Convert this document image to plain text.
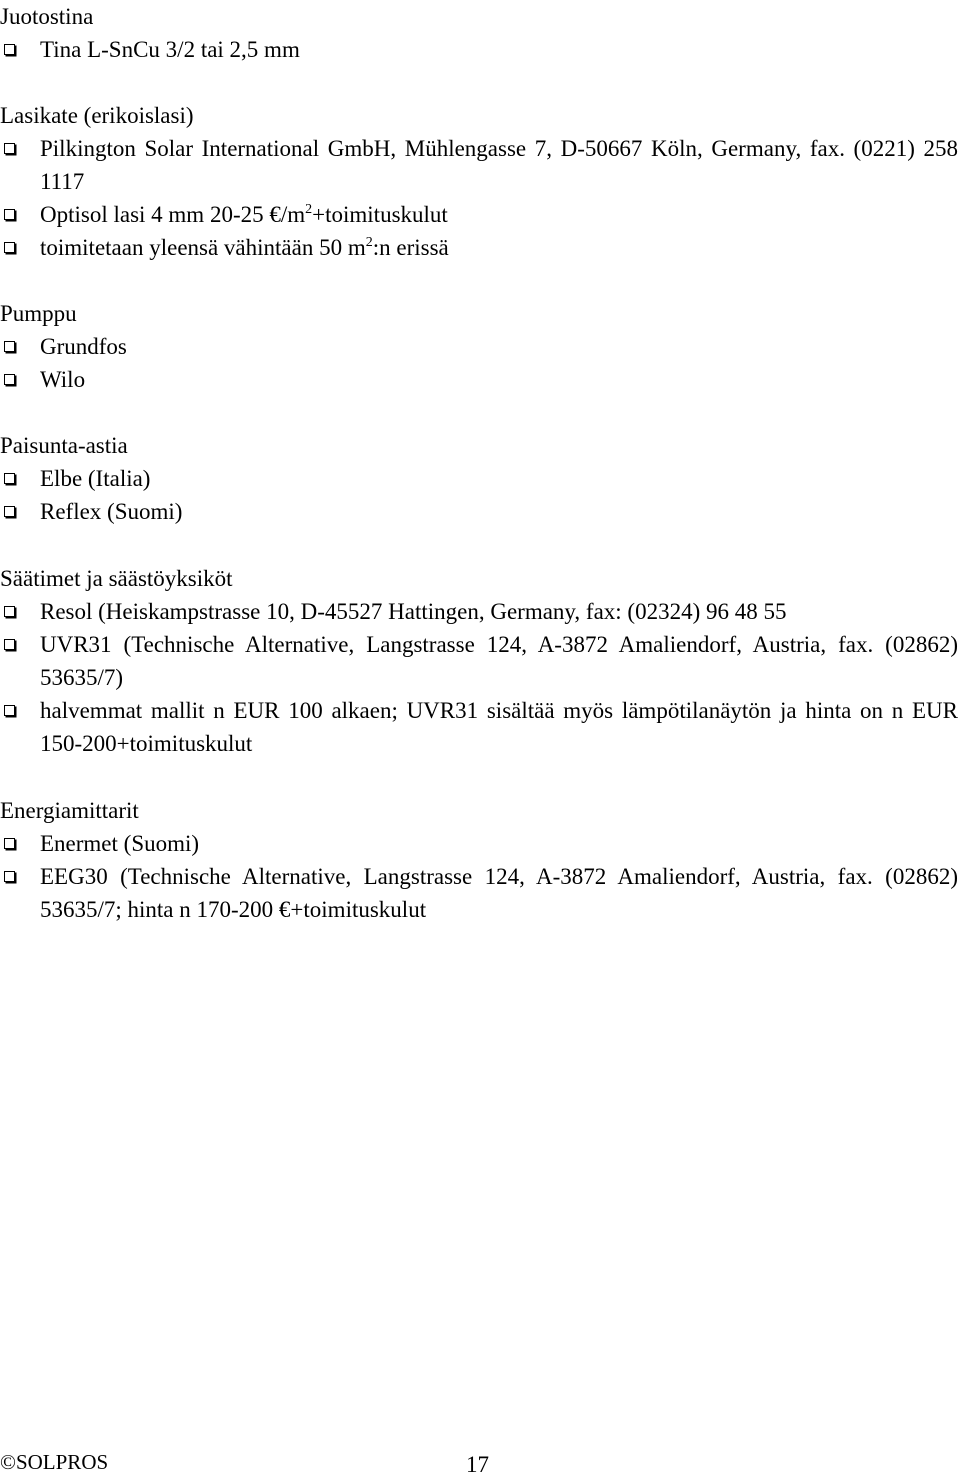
Juotostina
Tina L-SnCu 3/2 tai 2,5 mm
Lasikate (erikoislasi)
Pilkington Solar International GmbH, Mühlengasse 7, D-50667 Köln, Germany, fax. (0221) 258 1117
Optisol lasi 4 mm 20-25 $€/m^2+toimituskulut$
toimitetaan yleensä vähintään 50 $m^2:n$ erissä
Pumppu
Grundfos
Wilo
Paisunta-astia
Elbe (Italia)
Reflex (Suomi)
Säätimet ja säästöyksiköt
Resol (Heiskampstrasse 10, D-45527 Hattingen, Germany, fax: (02324) 96 48 55
UVR31 (Technische Alternative, Langstrasse 124, A-3872 Amaliendorf, Austria, fax. (02862) 53635/7)
halvemmat mallit n EUR 100 alkaen; UVR31 sisältää myös lämpötilanäytön ja hinta on n EUR 150-200+toimituskulut
Energiamittarit
Enermet (Suomi)
EEG30 (Technische Alternative, Langstrasse 124, A-3872 Amaliendorf, Austria, fax. (02862) 53635/7; hinta n 170-200 €+toimituskulut
©SOLPROS	17
